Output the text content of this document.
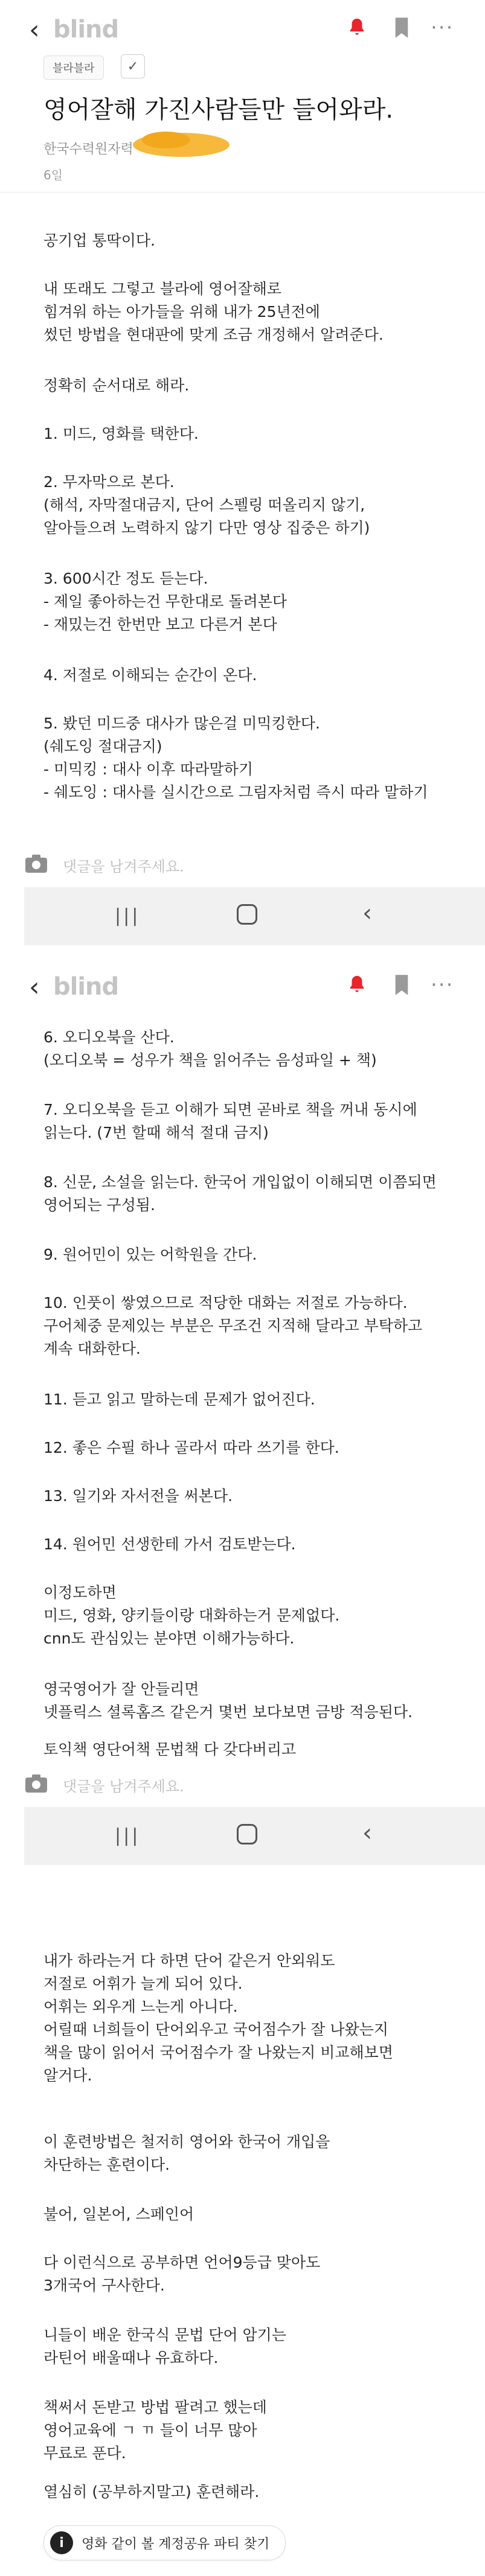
‹ blind	···
블라블라	✓
영어잘해 가진사람들만 들어와라.
한국수력원자력
6일
공기업 통딱이다.
내 또래도 그렇고 블라에 영어잘해로
힘겨워 하는 아가들을 위해 내가 25년전에
썼던 방법을 현대판에 맞게 조금 개정해서 알려준다.
정확히 순서대로 해라.
1. 미드, 영화를 택한다.
2. 무자막으로 본다.
(해석, 자막절대금지, 단어 스펠링 떠올리지 않기,
알아들으려 노력하지 않기 다만 영상 집중은 하기)
3. 600시간 정도 듣는다.
- 제일 좋아하는건 무한대로 돌려본다
- 재밌는건 한번만 보고 다른거 본다
4. 저절로 이해되는 순간이 온다.
5. 봤던 미드중 대사가 많은걸 미믹킹한다.
(쉐도잉 절대금지)
- 미믹킹 : 대사 이후 따라말하기
- 쉐도잉 : 대사를 실시간으로 그림자처럼 즉시 따라 말하기
댓글을 남겨주세요.
|||	‹
‹ blind	···
6. 오디오북을 산다.
(오디오북 = 성우가 책을 읽어주는 음성파일 + 책)
7. 오디오북을 듣고 이해가 되면 곧바로 책을 꺼내 동시에
읽는다. (7번 할때 해석 절대 금지)
8. 신문, 소설을 읽는다. 한국어 개입없이 이해되면 이쯤되면
영어되는 구성됨.
9. 원어민이 있는 어학원을 간다.
10. 인풋이 쌓였으므로 적당한 대화는 저절로 가능하다.
구어체중 문제있는 부분은 무조건 지적해 달라고 부탁하고
계속 대화한다.
11. 듣고 읽고 말하는데 문제가 없어진다.
12. 좋은 수필 하나 골라서 따라 쓰기를 한다.
13. 일기와 자서전을 써본다.
14. 원어민 선생한테 가서 검토받는다.
이정도하면
미드, 영화, 양키들이랑 대화하는거 문제없다.
cnn도 관심있는 분야면 이해가능하다.
영국영어가 잘 안들리면
넷플릭스 셜록홈즈 같은거 몇번 보다보면 금방 적응된다.
토익책 영단어책 문법책 다 갖다버리고
댓글을 남겨주세요.
|||	‹
내가 하라는거 다 하면 단어 같은거 안외워도
저절로 어휘가 늘게 되어 있다.
어휘는 외우게 느는게 아니다.
어릴때 너희들이 단어외우고 국어점수가 잘 나왔는지
책을 많이 읽어서 국어점수가 잘 나왔는지 비교해보면
알거다.
이 훈련방법은 철저히 영어와 한국어 개입을
차단하는 훈련이다.
불어, 일본어, 스페인어
다 이런식으로 공부하면 언어9등급 맞아도
3개국어 구사한다.
니들이 배운 한국식 문법 단어 암기는
라틴어 배울때나 유효하다.
책써서 돈받고 방법 팔려고 했는데
영어교육에 ㄱ ㄲ 들이 너무 많아
무료로 푼다.
열심히 (공부하지말고) 훈련해라.
i	영화 같이 볼 계정공유 파티 찾기
